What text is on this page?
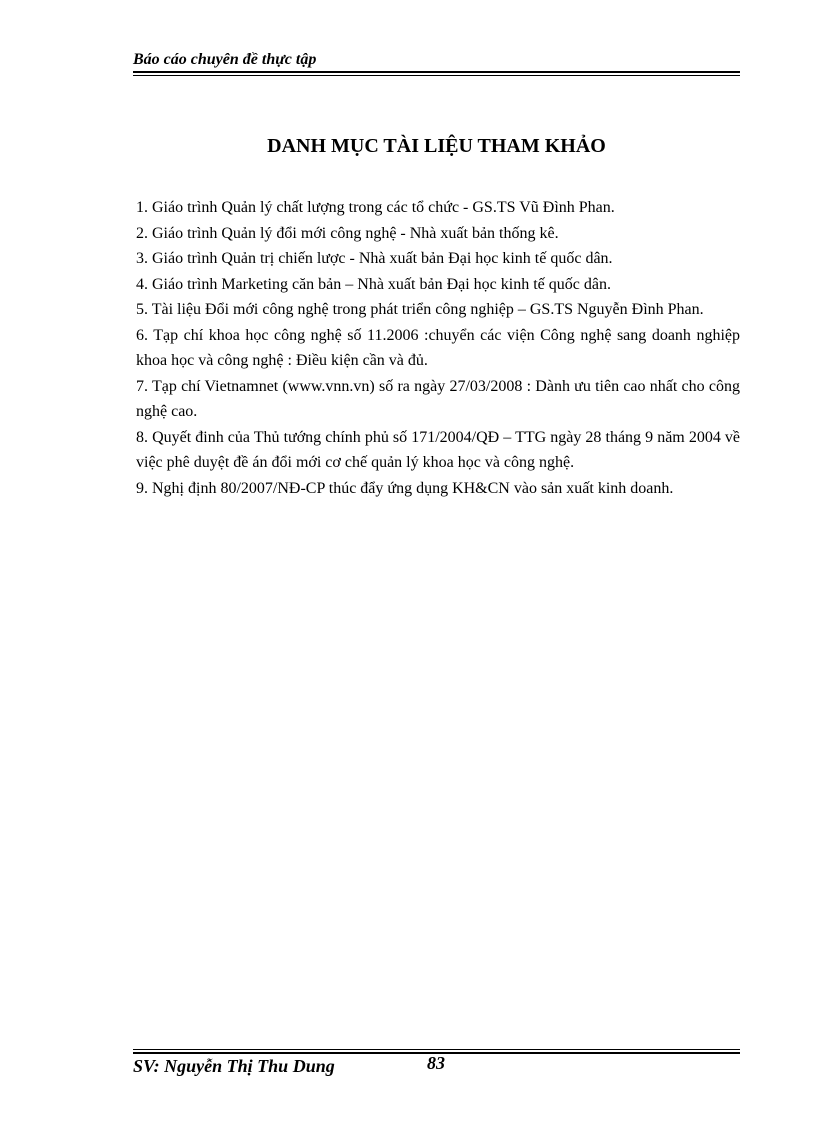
Báo cáo chuyên đề thực tập
DANH MỤC TÀI LIỆU THAM KHẢO
1. Giáo trình Quản lý chất lượng trong các tổ chức - GS.TS Vũ Đình Phan.
2. Giáo trình Quản lý đổi mới công nghệ - Nhà xuất bản thống kê.
3. Giáo trình Quản trị chiến lược - Nhà xuất bản Đại học kinh tế quốc dân.
4. Giáo trình Marketing căn bản – Nhà xuất bản Đại học kinh tế quốc dân.
5. Tài liệu Đổi mới công nghệ trong phát triển công nghiệp – GS.TS Nguyễn Đình Phan.
6. Tạp chí khoa học công nghệ số 11.2006 :chuyển các viện Công nghệ sang doanh nghiệp khoa học và công nghệ : Điều kiện cần và đủ.
7. Tạp chí Vietnamnet (www.vnn.vn) số ra ngày 27/03/2008 : Dành ưu tiên cao nhất cho công nghệ cao.
8. Quyết đinh của Thủ tướng chính phủ số 171/2004/QĐ – TTG ngày 28 tháng 9 năm 2004 về việc phê duyệt đề án đổi mới cơ chế quản lý khoa học và công nghệ.
9. Nghị định 80/2007/NĐ-CP thúc đẩy ứng dụng KH&CN vào sản xuất kinh doanh.
SV: Nguyễn Thị Thu Dung	83
